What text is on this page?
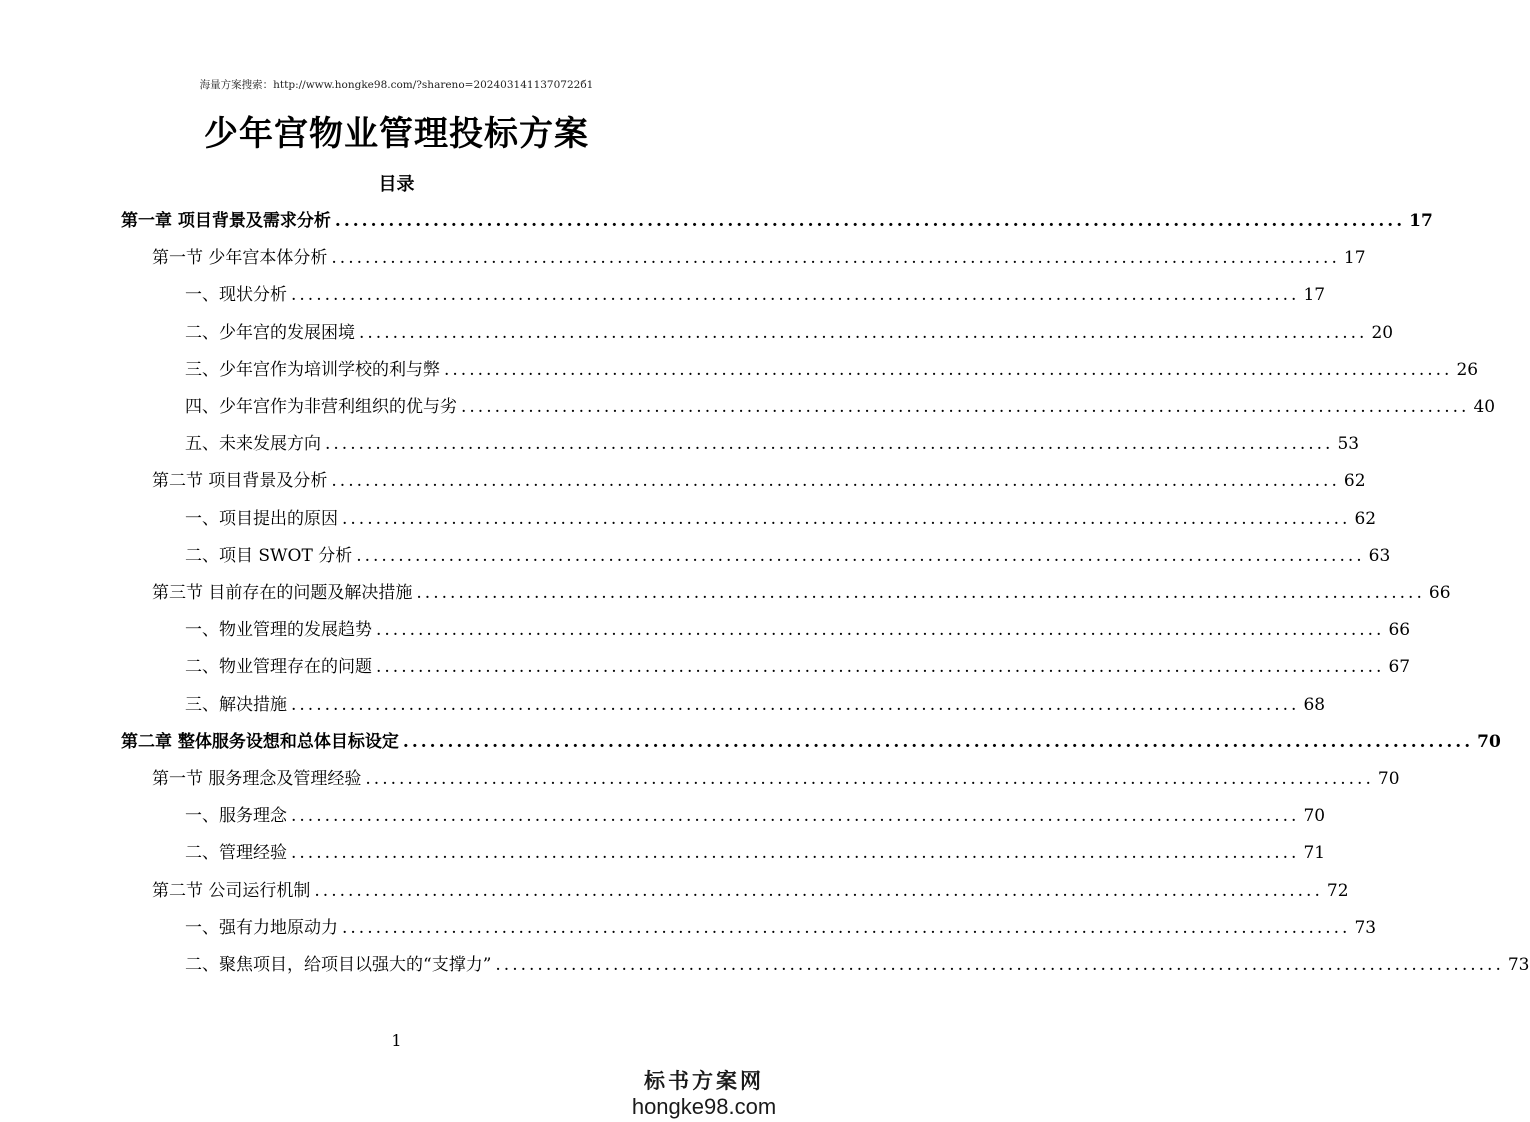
海量方案搜索：http://www.hongke98.com/?shareno=2024031411370722б1
少年宫物业管理投标方案
目录
第一章 项目背景及需求分析 ........................................................................................................................ 17
第一节 少年宫本体分析 ........................................................................................................................ 17
一、现状分析 ........................................................................................................................ 17
二、少年宫的发展困境 ........................................................................................................................ 20
三、少年宫作为培训学校的利与弊 ........................................................................................................................ 26
四、少年宫作为非营利组织的优与劣 ........................................................................................................................ 40
五、未来发展方向 ........................................................................................................................ 53
第二节 项目背景及分析 ........................................................................................................................ 62
一、项目提出的原因 ........................................................................................................................ 62
二、项目 SWOT 分析 ........................................................................................................................ 63
第三节 目前存在的问题及解决措施 ........................................................................................................................ 66
一、物业管理的发展趋势 ........................................................................................................................ 66
二、物业管理存在的问题 ........................................................................................................................ 67
三、解决措施 ........................................................................................................................ 68
第二章 整体服务设想和总体目标设定 ........................................................................................................................ 70
第一节 服务理念及管理经验 ........................................................................................................................ 70
一、服务理念 ........................................................................................................................ 70
二、管理经验 ........................................................................................................................ 71
第二节 公司运行机制 ........................................................................................................................ 72
一、强有力地原动力 ........................................................................................................................ 73
二、聚焦项目，给项目以强大的“支撑力” ........................................................................................................................ 73
1
标书方案网
hongke98.com
